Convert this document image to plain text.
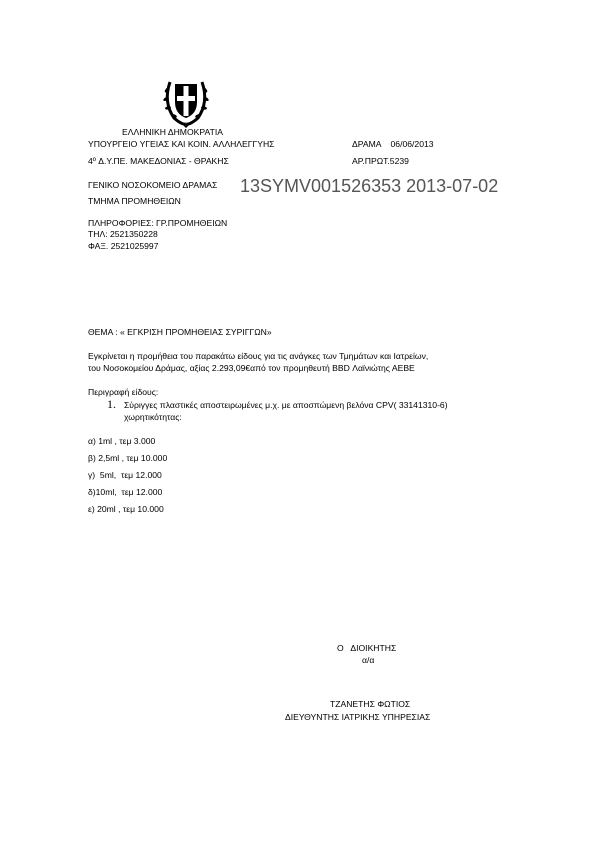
ΕΛΛΗΝΙΚΗ ΔΗΜΟΚΡΑΤΙΑ
ΥΠΟΥΡΓΕΙΟ ΥΓΕΙΑΣ ΚΑΙ ΚΟΙΝ. ΑΛΛΗΛΕΓΓΥΗΣ
4º Δ.Υ.ΠΕ. ΜΑΚΕΔΟΝΙΑΣ - ΘΡΑΚΗΣ
ΓΕΝΙΚΟ ΝΟΣΟΚΟΜΕΙΟ ΔΡΑΜΑΣ
ΤΜΗΜΑ ΠΡΟΜΗΘΕΙΩΝ
ΠΛΗΡΟΦΟΡΙΕΣ: ΓΡ.ΠΡΟΜΗΘΕΙΩΝ
ΤΗΛ: 2521350228
ΦΑΞ. 2521025997
ΔΡΑΜΑ    06/06/2013
ΑΡ.ΠΡΩΤ.5239
13SYMV001526353 2013-07-02
ΘΕΜΑ : « ΕΓΚΡΙΣΗ ΠΡΟΜΗΘΕΙΑΣ ΣΥΡΙΓΓΩΝ»
Εγκρίνεται η προμήθεια του παρακάτω είδους για τις ανάγκες των Τμημάτων και Ιατρείων,
του Νοσοκομείου Δράμας, αξίας 2.293,09€από τον προμηθευτή BBD Λαϊνιώτης ΑΕΒΕ
Περιγραφή είδους:
1. Σύριγγες πλαστικές αποστειρωμένες μ.χ. με αποσπώμενη βελόνα CPV( 33141310-6)
χωρητικότητας:
α) 1ml , τεμ 3.000
β) 2,5ml , τεμ 10.000
γ)  5ml,  τεμ 12.000
δ)10ml,  τεμ 12.000
ε) 20ml , τεμ 10.000
Ο   ΔΙΟΙΚΗΤΗΣ
α/α
ΤΖΑΝΕΤΗΣ ΦΩΤΙΟΣ
ΔΙΕΥΘΥΝΤΗΣ ΙΑΤΡΙΚΗΣ ΥΠΗΡΕΣΙΑΣ
